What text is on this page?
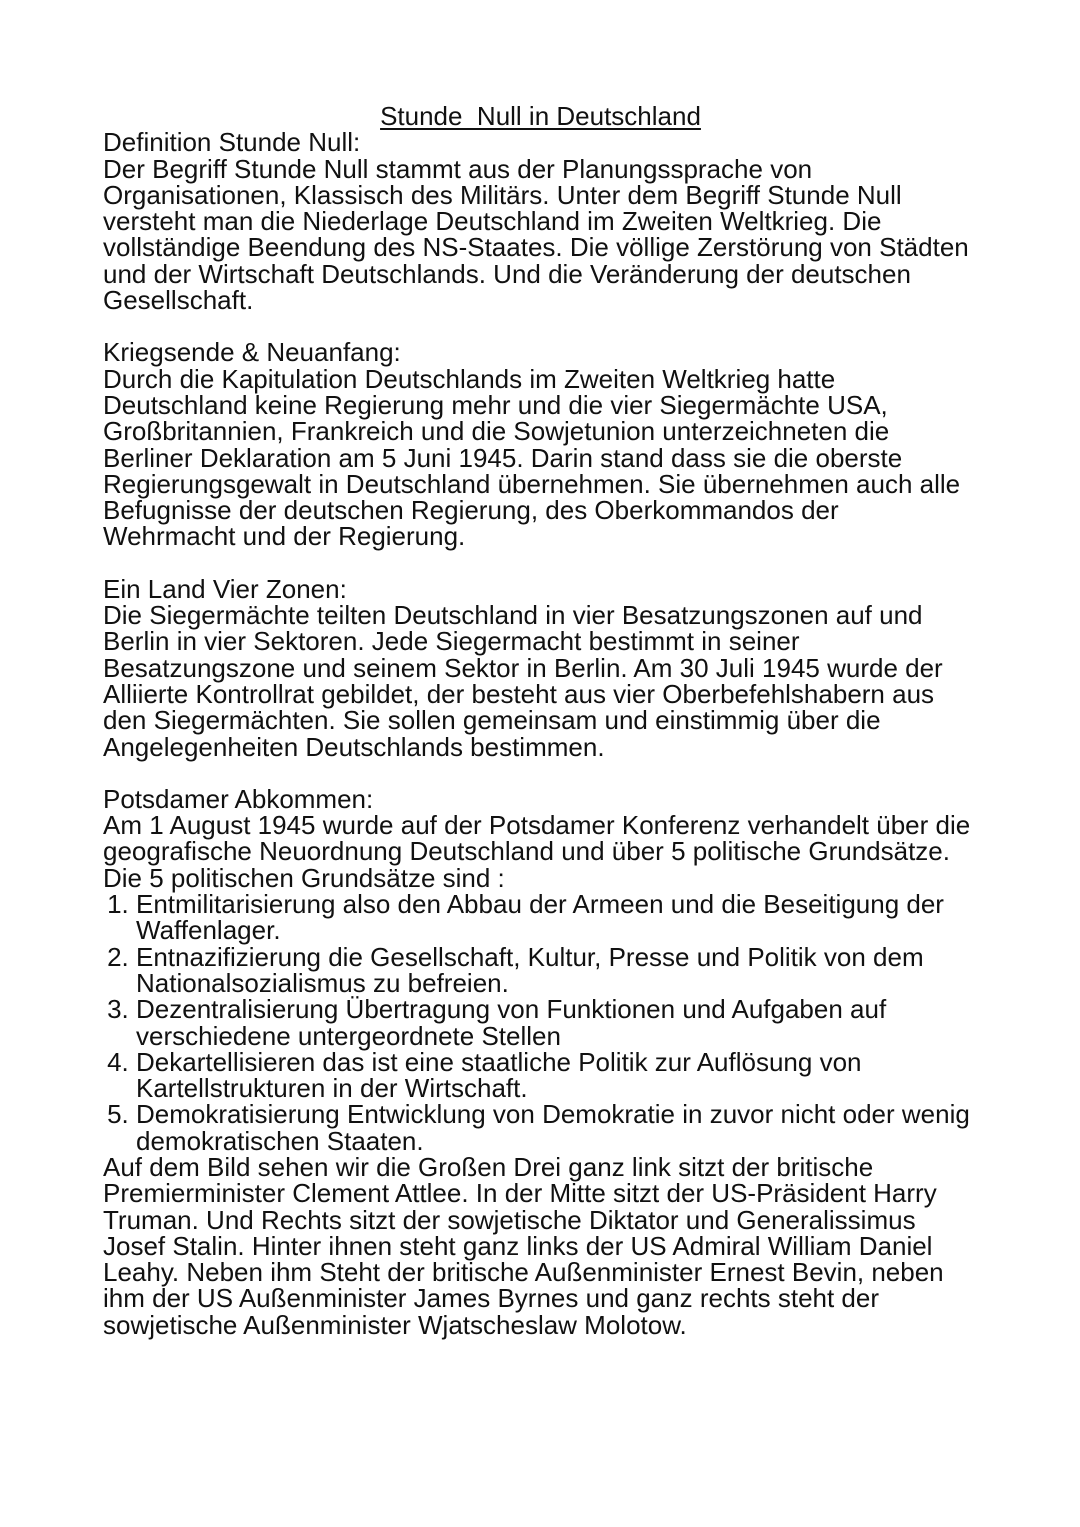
Stunde  Null in Deutschland
Definition Stunde Null:
Der Begriff Stunde Null stammt aus der Planungssprache von Organisationen, Klassisch des Militärs. Unter dem Begriff Stunde Null versteht man die Niederlage Deutschland im Zweiten Weltkrieg. Die vollständige Beendung des NS-Staates. Die völlige Zerstörung von Städten und der Wirtschaft Deutschlands. Und die Veränderung der deutschen Gesellschaft.
Kriegsende & Neuanfang:
Durch die Kapitulation Deutschlands im Zweiten Weltkrieg hatte Deutschland keine Regierung mehr und die vier Siegermächte USA, Großbritannien, Frankreich und die Sowjetunion unterzeichneten die Berliner Deklaration am 5 Juni 1945. Darin stand dass sie die oberste Regierungsgewalt in Deutschland übernehmen. Sie übernehmen auch alle Befugnisse der deutschen Regierung, des Oberkommandos der Wehrmacht und der Regierung.
Ein Land Vier Zonen:
Die Siegermächte teilten Deutschland in vier Besatzungszonen auf und Berlin in vier Sektoren. Jede Siegermacht bestimmt in seiner Besatzungszone und seinem Sektor in Berlin. Am 30 Juli 1945 wurde der Alliierte Kontrollrat gebildet, der besteht aus vier Oberbefehlshabern aus den Siegermächten. Sie sollen gemeinsam und einstimmig über die Angelegenheiten Deutschlands bestimmen.
Potsdamer Abkommen:
Am 1 August 1945 wurde auf der Potsdamer Konferenz verhandelt über die geografische Neuordnung Deutschland und über 5 politische Grundsätze. Die 5 politischen Grundsätze sind :
1. Entmilitarisierung also den Abbau der Armeen und die Beseitigung der Waffenlager.
2. Entnazifizierung die Gesellschaft, Kultur, Presse und Politik von dem Nationalsozialismus zu befreien.
3. Dezentralisierung Übertragung von Funktionen und Aufgaben auf verschiedene untergeordnete Stellen
4. Dekartellisieren das ist eine staatliche Politik zur Auflösung von Kartellstrukturen in der Wirtschaft.
5. Demokratisierung Entwicklung von Demokratie in zuvor nicht oder wenig demokratischen Staaten.
Auf dem Bild sehen wir die Großen Drei ganz link sitzt der britische Premierminister Clement Attlee. In der Mitte sitzt der US-Präsident Harry Truman. Und Rechts sitzt der sowjetische Diktator und Generalissimus Josef Stalin. Hinter ihnen steht ganz links der US Admiral William Daniel Leahy. Neben ihm Steht der britische Außenminister Ernest Bevin, neben ihm der US Außenminister James Byrnes und ganz rechts steht der sowjetische Außenminister Wjatscheslaw Molotow.
